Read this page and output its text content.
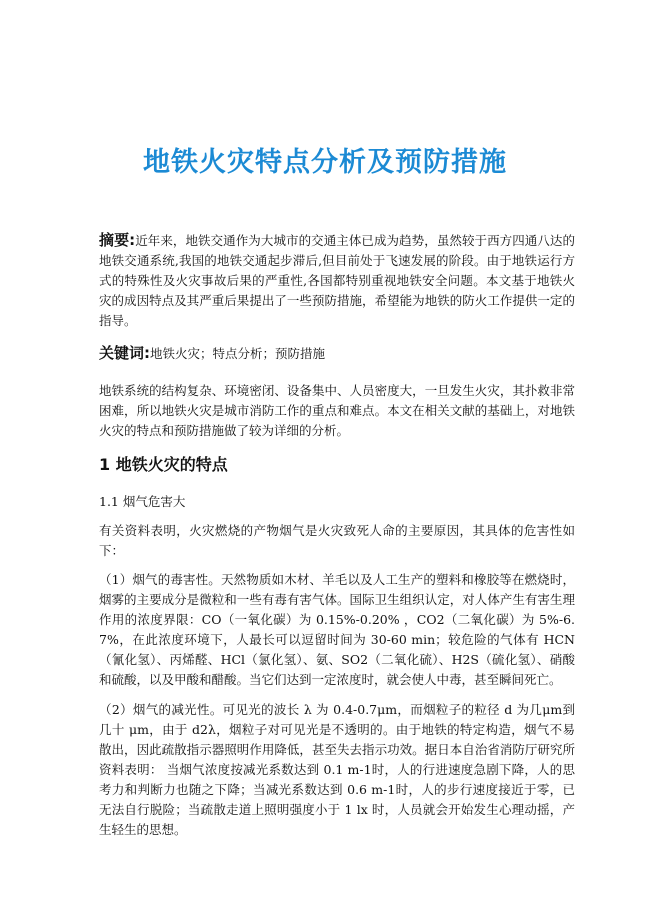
地铁火灾特点分析及预防措施

摘要:近年来，地铁交通作为大城市的交通主体已成为趋势，虽然较于西方四通八达的地铁交通系统,我国的地铁交通起步滞后,但目前处于飞速发展的阶段。由于地铁运行方式的特殊性及火灾事故后果的严重性,各国都特别重视地铁安全问题。本文基于地铁火灾的成因特点及其严重后果提出了一些预防措施，希望能为地铁的防火工作提供一定的指导。

关键词:地铁火灾；特点分析；预防措施

地铁系统的结构复杂、环境密闭、设备集中、人员密度大，一旦发生火灾，其扑救非常困难，所以地铁火灾是城市消防工作的重点和难点。本文在相关文献的基础上，对地铁火灾的特点和预防措施做了较为详细的分析。

1 地铁火灾的特点
1.1 烟气危害大

有关资料表明，火灾燃烧的产物烟气是火灾致死人命的主要原因，其具体的危害性如下：

（1）烟气的毒害性。天然物质如木材、羊毛以及人工生产的塑料和橡胶等在燃烧时，烟雾的主要成分是微粒和一些有毒有害气体。国际卫生组织认定，对人体产生有害生理作用的浓度界限：CO（一氧化碳）为 0.15%-0.20% ，CO2（二氧化碳）为 5%-6.7%，在此浓度环境下，人最长可以逗留时间为 30-60 min；较危险的气体有 HCN（氰化氢）、丙烯醛、HCl（氯化氢）、氨、SO2（二氧化硫）、H2S（硫化氢）、硝酸和硫酸，以及甲酸和醋酸。当它们达到一定浓度时，就会使人中毒，甚至瞬间死亡。

（2）烟气的减光性。可见光的波长 λ 为 0.4-0.7μm，而烟粒子的粒径 d 为几μm到几十 μm，由于 d2λ，烟粒子对可见光是不透明的。由于地铁的特定构造，烟气不易散出，因此疏散指示器照明作用降低，甚至失去指示功效。据日本自治省消防厅研究所资料表明： 当烟气浓度按减光系数达到 0.1 m-1时，人的行进速度急剧下降，人的思考力和判断力也随之下降；当减光系数达到 0.6 m-1时，人的步行速度接近于零，已无法自行脱险；当疏散走道上照明强度小于 1 lx 时，人员就会开始发生心理动摇，产生轻生的思想。
